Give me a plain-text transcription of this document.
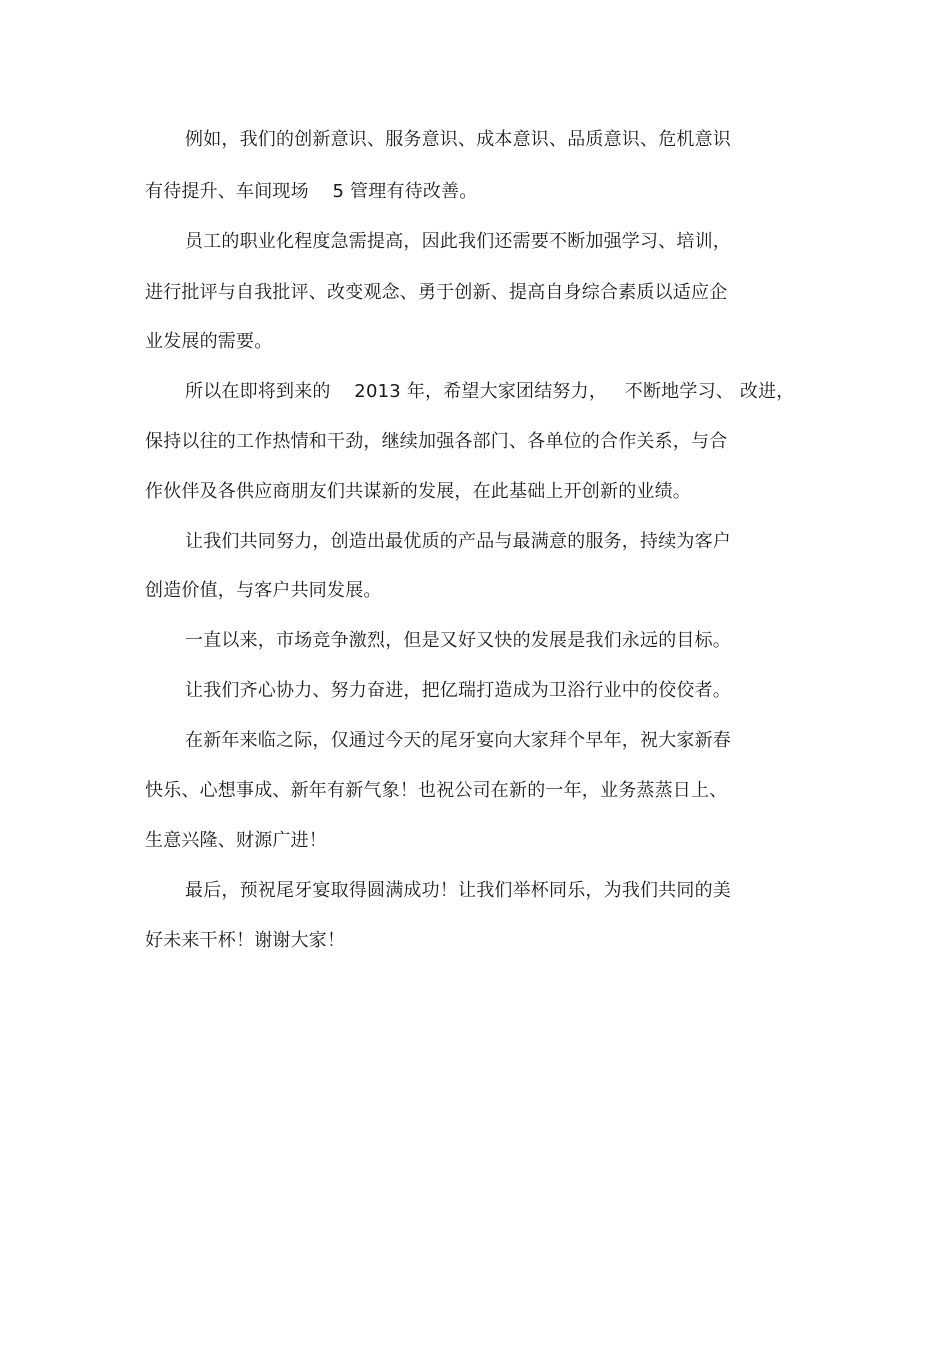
例如，我们的创新意识、服务意识、成本意识、品质意识、危机意识
有待提升、车间现场    5 管理有待改善。
员工的职业化程度急需提高，因此我们还需要不断加强学习、培训，
进行批评与自我批评、改变观念、勇于创新、提高自身综合素质以适应企
业发展的需要。
所以在即将到来的    2013 年，希望大家团结努力，   不断地学习、 改进，
保持以往的工作热情和干劲，继续加强各部门、各单位的合作关系，与合
作伙伴及各供应商朋友们共谋新的发展，在此基础上开创新的业绩。
让我们共同努力，创造出最优质的产品与最满意的服务，持续为客户
创造价值，与客户共同发展。
一直以来，市场竞争激烈，但是又好又快的发展是我们永远的目标。
让我们齐心协力、努力奋进，把亿瑞打造成为卫浴行业中的佼佼者。
在新年来临之际，仅通过今天的尾牙宴向大家拜个早年，祝大家新春
快乐、心想事成、新年有新气象！也祝公司在新的一年，业务蒸蒸日上、
生意兴隆、财源广进！
最后，预祝尾牙宴取得圆满成功！让我们举杯同乐，为我们共同的美
好未来干杯！谢谢大家！
